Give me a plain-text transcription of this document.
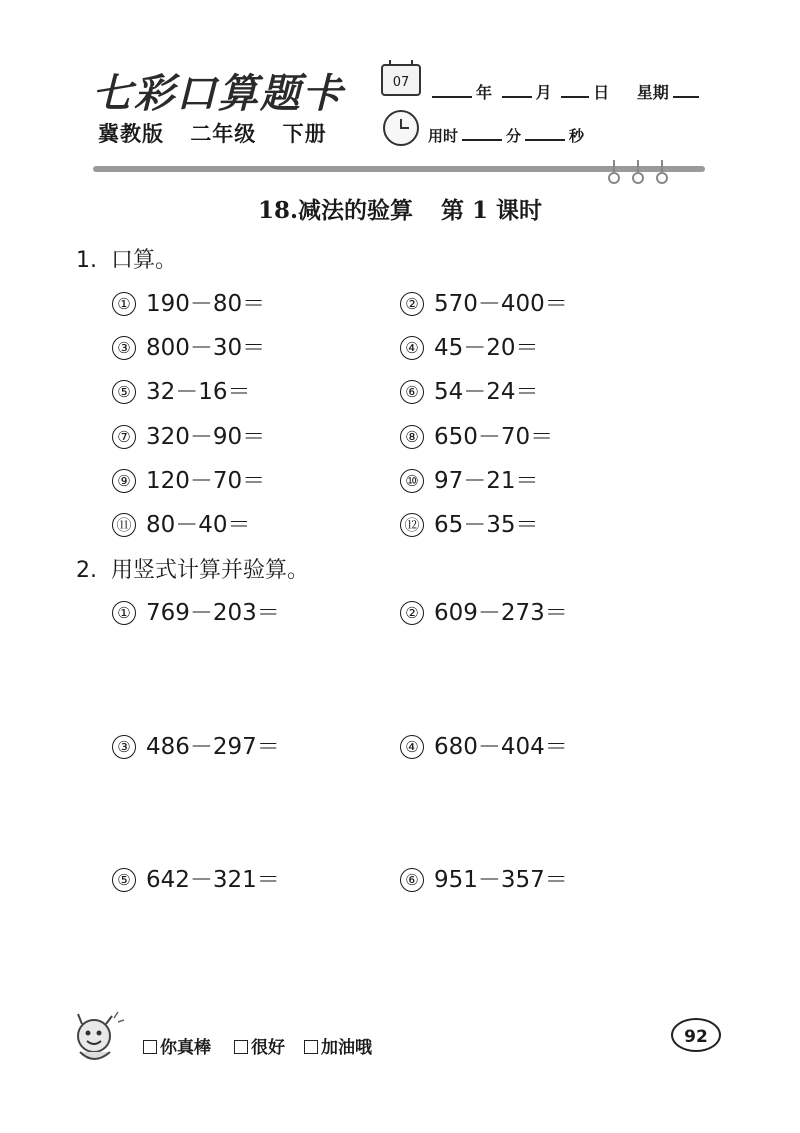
七彩口算题卡
冀教版 二年级 下册
07
年	月	日 星期
用时	分	秒
18.减法的验算 第 1 课时
1. 口算。
① 190－80＝	② 570－400＝
③ 800－30＝	④ 45－20＝
⑤ 32－16＝	⑥ 54－24＝
⑦ 320－90＝	⑧ 650－70＝
⑨ 120－70＝	⑩ 97－21＝
⑪ 80－40＝	⑫ 65－35＝
2. 用竖式计算并验算。
① 769－203＝	② 609－273＝
③ 486－297＝	④ 680－404＝
⑤ 642－321＝	⑥ 951－357＝
你真棒	很好	加油哦
92
